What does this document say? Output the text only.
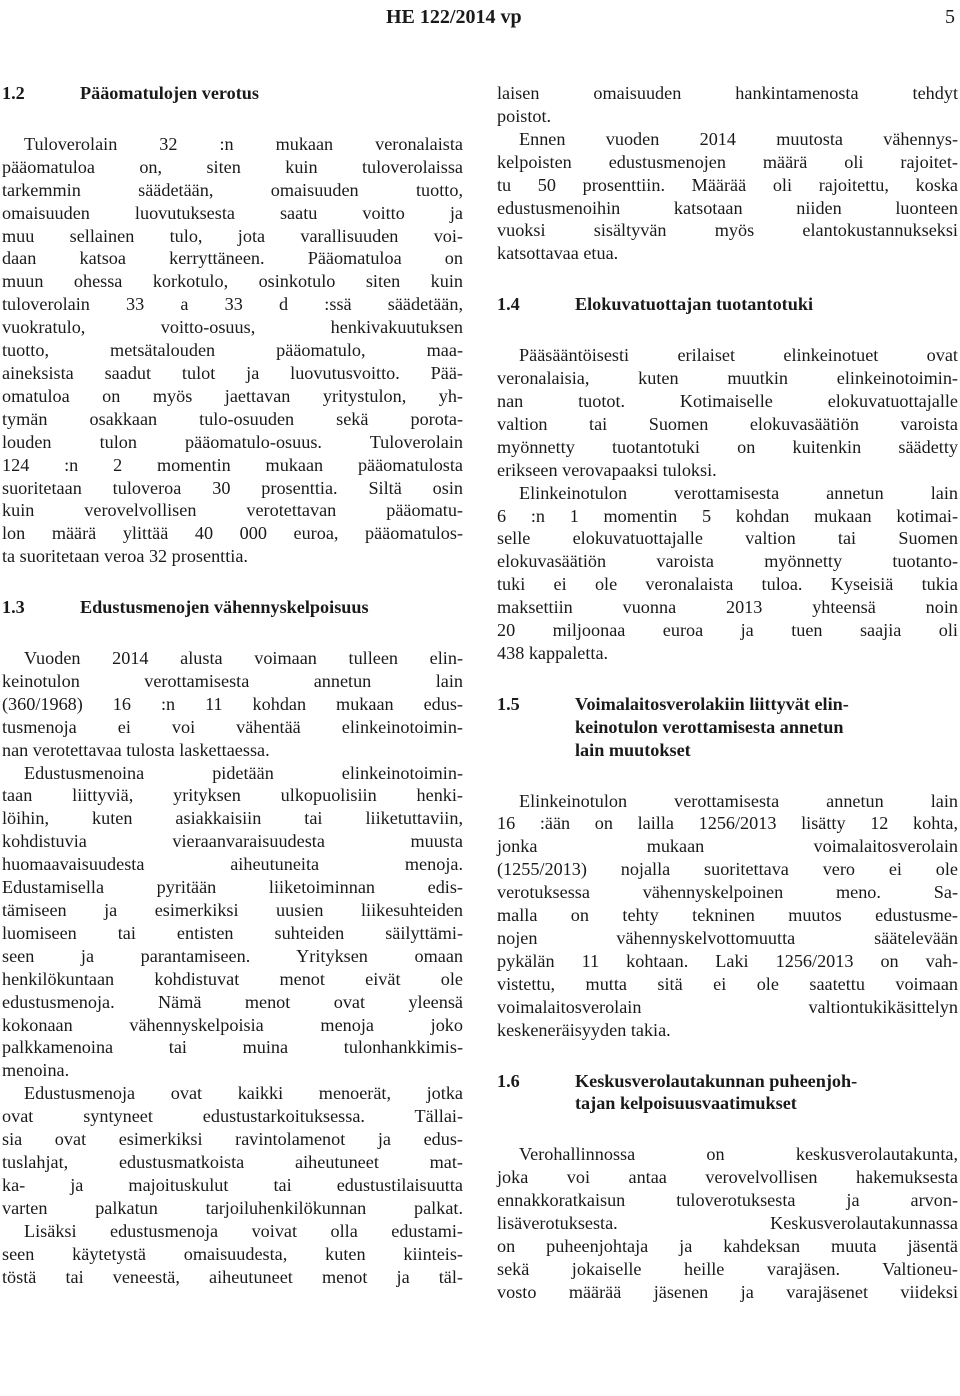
HE 122/2014 vp	5
1.2	Pääomatulojen verotus
Tuloverolain 32 :n mukaan veronalaista
pääomatuloa on, siten kuin tuloverolaissa
tarkemmin säädetään, omaisuuden tuotto,
omaisuuden luovutuksesta saatu voitto ja
muu sellainen tulo, jota varallisuuden voi-
daan katsoa kerryttäneen. Pääomatuloa on
muun ohessa korkotulo, osinkotulo siten kuin
tuloverolain 33 a 33 d :ssä säädetään,
vuokratulo, voitto-osuus, henkivakuutuksen
tuotto, metsätalouden pääomatulo, maa-
aineksista saadut tulot ja luovutusvoitto. Pää-
omatuloa on myös jaettavan yritystulon, yh-
tymän osakkaan tulo-osuuden sekä porota-
louden tulon pääomatulo-osuus. Tuloverolain
124 :n 2 momentin mukaan pääomatulosta
suoritetaan tuloveroa 30 prosenttia. Siltä osin
kuin verovelvollisen verotettavan pääomatu-
lon määrä ylittää 40 000 euroa, pääomatulos-
ta suoritetaan veroa 32 prosenttia.
1.3	Edustusmenojen vähennyskelpoisuus
Vuoden 2014 alusta voimaan tulleen elin-
keinotulon verottamisesta annetun lain
(360/1968) 16 :n 11 kohdan mukaan edus-
tusmenoja ei voi vähentää elinkeinotoimin-
nan verotettavaa tulosta laskettaessa.
Edustusmenoina pidetään elinkeinotoimin-
taan liittyviä, yrityksen ulkopuolisiin henki-
löihin, kuten asiakkaisiin tai liiketuttaviin,
kohdistuvia vieraanvaraisuudesta muusta
huomaavaisuudesta aiheutuneita menoja.
Edustamisella pyritään liiketoiminnan edis-
tämiseen ja esimerkiksi uusien liikesuhteiden
luomiseen tai entisten suhteiden säilyttämi-
seen ja parantamiseen. Yrityksen omaan
henkilökuntaan kohdistuvat menot eivät ole
edustusmenoja. Nämä menot ovat yleensä
kokonaan vähennyskelpoisia menoja joko
palkkamenoina tai muina tulonhankkimis-
menoina.
Edustusmenoja ovat kaikki menoerät, jotka
ovat syntyneet edustustarkoituksessa. Tällai-
sia ovat esimerkiksi ravintolamenot ja edus-
tuslahjat, edustusmatkoista aiheutuneet mat-
ka- ja majoituskulut tai edustustilaisuutta
varten palkatun tarjoiluhenkilökunnan palkat.
Lisäksi edustusmenoja voivat olla edustami-
seen käytetystä omaisuudesta, kuten kiinteis-
töstä tai veneestä, aiheutuneet menot ja täl-
laisen omaisuuden hankintamenosta tehdyt
poistot.
Ennen vuoden 2014 muutosta vähennys-
kelpoisten edustusmenojen määrä oli rajoitet-
tu 50 prosenttiin. Määrää oli rajoitettu, koska
edustusmenoihin katsotaan niiden luonteen
vuoksi sisältyvän myös elantokustannukseksi
katsottavaa etua.
1.4	Elokuvatuottajan tuotantotuki
Pääsääntöisesti erilaiset elinkeinotuet ovat
veronalaisia, kuten muutkin elinkeinotoimin-
nan tuotot. Kotimaiselle elokuvatuottajalle
valtion tai Suomen elokuvasäätiön varoista
myönnetty tuotantotuki on kuitenkin säädetty
erikseen verovapaaksi tuloksi.
Elinkeinotulon verottamisesta annetun lain
6 :n 1 momentin 5 kohdan mukaan kotimai-
selle elokuvatuottajalle valtion tai Suomen
elokuvasäätiön varoista myönnetty tuotanto-
tuki ei ole veronalaista tuloa. Kyseisiä tukia
maksettiin vuonna 2013 yhteensä noin
20 miljoonaa euroa ja tuen saajia oli
438 kappaletta.
1.5	Voimalaitosverolakiin liittyvät elin-
keinotulon verottamisesta annetun
lain muutokset
Elinkeinotulon verottamisesta annetun lain
16 :ään on lailla 1256/2013 lisätty 12 kohta,
jonka mukaan voimalaitosverolain
(1255/2013) nojalla suoritettava vero ei ole
verotuksessa vähennyskelpoinen meno. Sa-
malla on tehty tekninen muutos edustusme-
nojen vähennyskelvottomuutta säätelevään
pykälän 11 kohtaan. Laki 1256/2013 on vah-
vistettu, mutta sitä ei ole saatettu voimaan
voimalaitosverolain valtiontukikäsittelyn
keskeneräisyyden takia.
1.6	Keskusverolautakunnan puheenjoh-
tajan kelpoisuusvaatimukset
Verohallinnossa on keskusverolautakunta,
joka voi antaa verovelvollisen hakemuksesta
ennakkoratkaisun tuloverotuksesta ja arvon-
lisäverotuksesta. Keskusverolautakunnassa
on puheenjohtaja ja kahdeksan muuta jäsentä
sekä jokaiselle heille varajäsen. Valtioneu-
vosto määrää jäsenen ja varajäsenet viideksi
